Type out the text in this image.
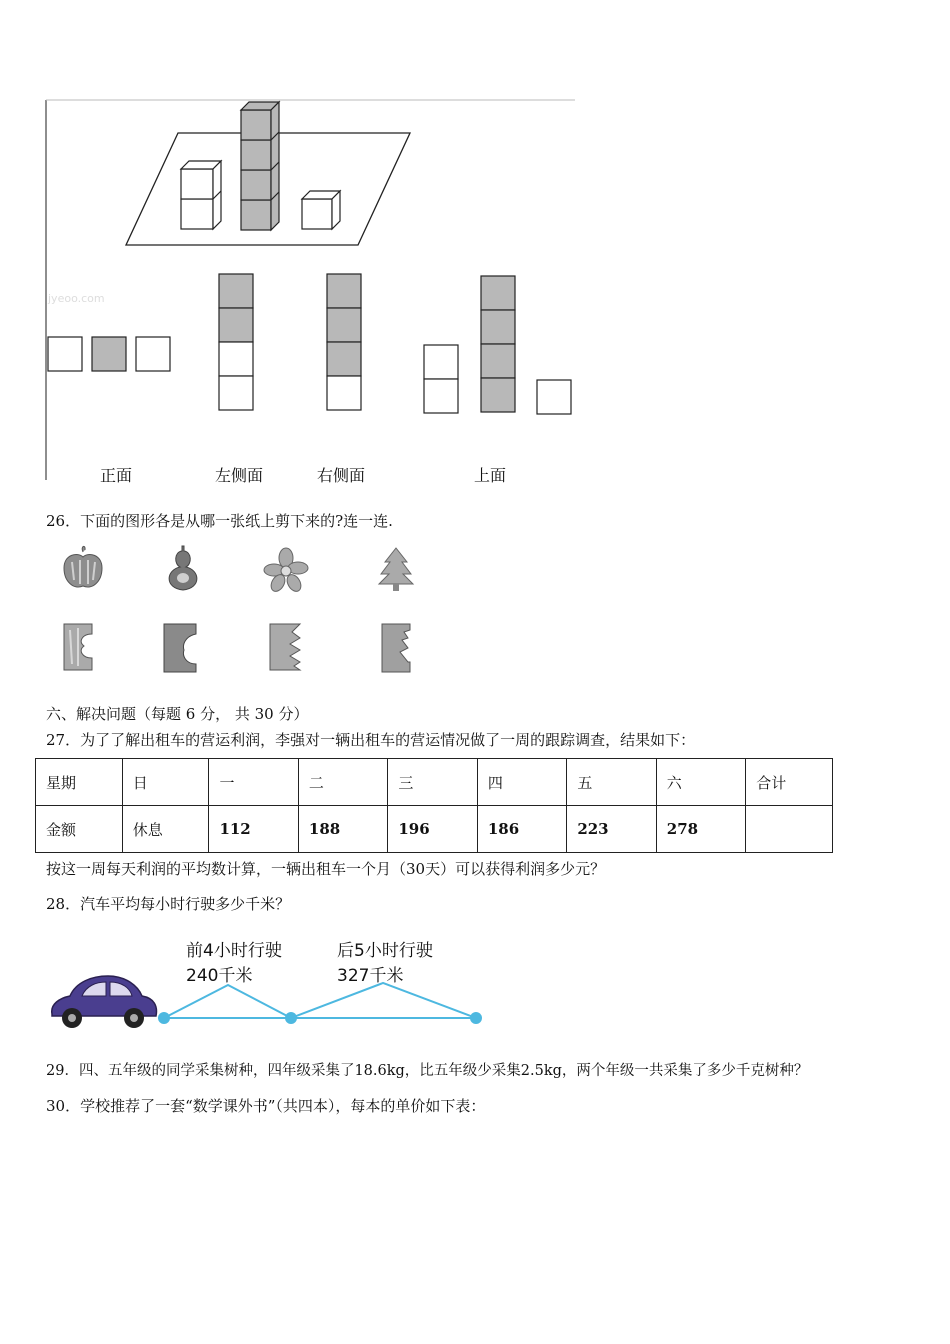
jyeoo.com
正面	左侧面	右侧面	上面
26．下面的图形各是从哪一张纸上剪下来的?连一连.
六、解决问题（每题 6 分， 共 30 分）
27．为了了解出租车的营运利润，李强对一辆出租车的营运情况做了一周的跟踪调查，结果如下：
星期	日	一	二	三	四	五	六	合计
金额	休息	112	188	196	186	223	278	
按这一周每天利润的平均数计算，一辆出租车一个月（30天）可以获得利润多少元？
28．汽车平均每小时行驶多少千米？
前4小时行驶
240千米
后5小时行驶
327千米
29．四、五年级的同学采集树种，四年级采集了18.6kg，比五年级少采集2.5kg，两个年级一共采集了多少千克树种？
30．学校推荐了一套“数学课外书”（共四本），每本的单价如下表：
